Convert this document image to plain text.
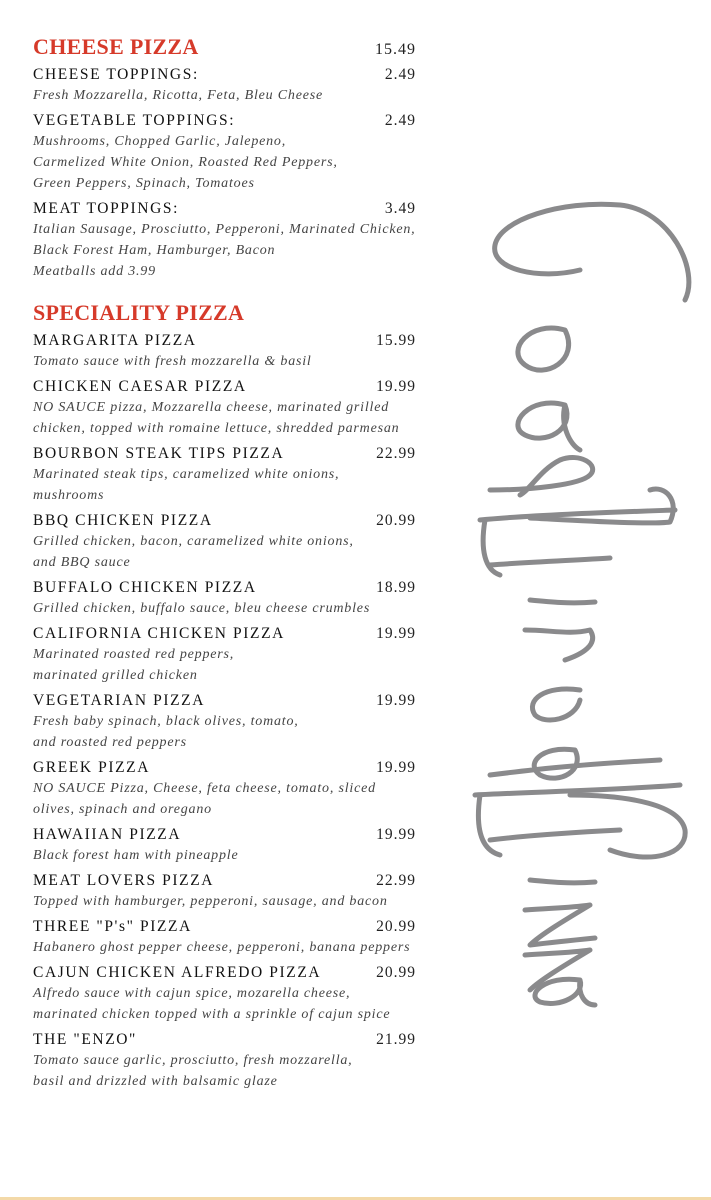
CHEESE PIZZA	15.49
CHEESE TOPPINGS:	2.49
Fresh Mozzarella, Ricotta, Feta, Bleu Cheese
VEGETABLE TOPPINGS:	2.49
Mushrooms, Chopped Garlic, Jalepeno,
Carmelized White Onion, Roasted Red Peppers,
Green Peppers, Spinach, Tomatoes
MEAT TOPPINGS:	3.49
Italian Sausage, Prosciutto, Pepperoni, Marinated Chicken,
Black Forest Ham, Hamburger, Bacon
Meatballs add 3.99
SPECIALITY PIZZA
MARGARITA PIZZA	15.99
Tomato sauce with fresh mozzarella & basil
CHICKEN CAESAR PIZZA	19.99
NO SAUCE pizza, Mozzarella cheese, marinated grilled
chicken, topped with romaine lettuce, shredded parmesan
BOURBON STEAK TIPS PIZZA	22.99
Marinated steak tips, caramelized white onions,
mushrooms
BBQ CHICKEN PIZZA	20.99
Grilled chicken, bacon, caramelized white onions,
and BBQ sauce
BUFFALO CHICKEN PIZZA	18.99
Grilled chicken, buffalo sauce, bleu cheese crumbles
CALIFORNIA CHICKEN PIZZA	19.99
Marinated roasted red peppers,
marinated grilled chicken
VEGETARIAN PIZZA	19.99
Fresh baby spinach, black olives, tomato,
and roasted red peppers
GREEK PIZZA	19.99
NO SAUCE Pizza, Cheese, feta cheese, tomato, sliced
olives, spinach and oregano
HAWAIIAN PIZZA	19.99
Black forest ham with pineapple
MEAT LOVERS PIZZA	22.99
Topped with hamburger, pepperoni, sausage, and bacon
THREE "P's" PIZZA	20.99
Habanero ghost pepper cheese, pepperoni, banana peppers
CAJUN CHICKEN ALFREDO PIZZA	20.99
Alfredo sauce with cajun spice, mozarella cheese,
marinated chicken topped with a sprinkle of cajun spice
THE "ENZO"	21.99
Tomato sauce garlic, prosciutto, fresh mozzarella,
basil and drizzled with balsamic glaze
